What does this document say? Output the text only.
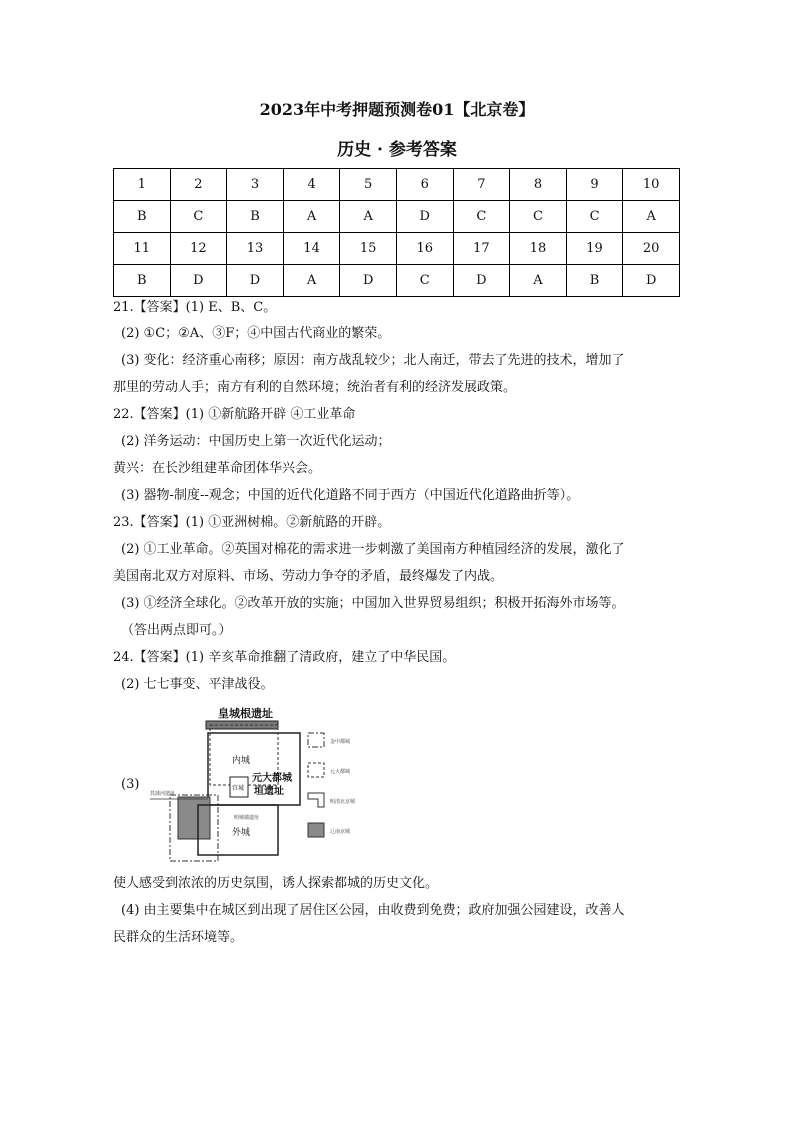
2023年中考押题预测卷01【北京卷】
历史 · 参考答案
1	2	3	4	5	6	7	8	9	10
B	C	B	A	A	D	C	C	C	A
11	12	13	14	15	16	17	18	19	20
B	D	D	A	D	C	D	A	B	D
21.【答案】(1) E、B、C。
(2) ①C；②A、③F；④中国古代商业的繁荣。
(3) 变化：经济重心南移；原因：南方战乱较少；北人南迁，带去了先进的技术，增加了
那里的劳动人手；南方有利的自然环境；统治者有利的经济发展政策。
22.【答案】(1) ①新航路开辟 ④工业革命
(2) 洋务运动：中国历史上第一次近代化运动；
黄兴：在长沙组建革命团体华兴会。
(3) 器物-制度--观念；中国的近代化道路不同于西方（中国近代化道路曲折等）。
23.【答案】(1) ①亚洲树棉。②新航路的开辟。
(2) ①工业革命。②英国对棉花的需求进一步刺激了美国南方种植园经济的发展，激化了
美国南北双方对原料、市场、劳动力争夺的矛盾，最终爆发了内战。
(3) ①经济全球化。②改革开放的实施；中国加入世界贸易组织；积极开拓海外市场等。
（答出两点即可。）
24.【答案】(1) 辛亥革命推翻了清政府，建立了中华民国。
(2) 七七事变、平津战役。
(3)
皇城根遗址
宫城
内城
外城
元大都城
垣遗址
菖蒲河遗址
明城墙遗址
金中都城
元大都城
明清北京城
辽南京城
使人感受到浓浓的历史氛围，诱人探索都城的历史文化。
(4) 由主要集中在城区到出现了居住区公园，由收费到免费；政府加强公园建设，改善人
民群众的生活环境等。
